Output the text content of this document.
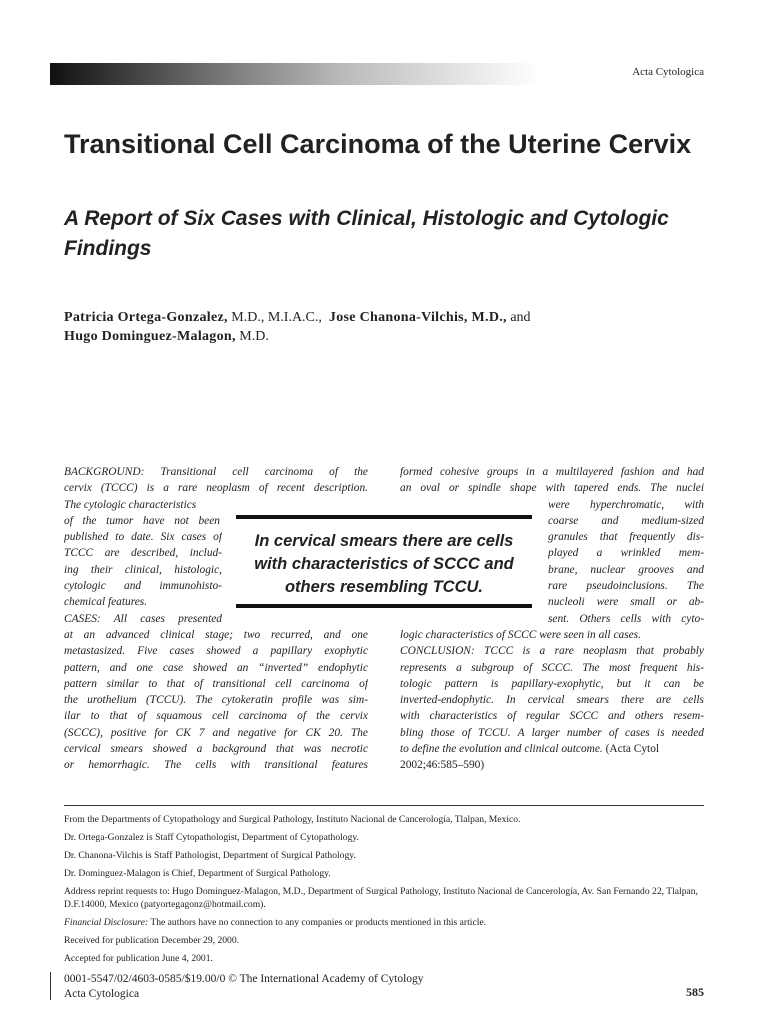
Acta Cytologica
Transitional Cell Carcinoma of the Uterine Cervix
A Report of Six Cases with Clinical, Histologic and Cytologic Findings
Patricia Ortega-Gonzalez, M.D., M.I.A.C., Jose Chanona-Vilchis, M.D., and
Hugo Dominguez-Malagon, M.D.
BACKGROUND: Transitional cell carcinoma of the
cervix (TCCC) is a rare neoplasm of recent description.
The cytologic characteristics
of the tumor have not been
published to date. Six cases of
TCCC are described, includ-
ing their clinical, histologic,
cytologic and immunohisto-
chemical features.
CASES: All cases presented
at an advanced clinical stage; two recurred, and one
metastasized. Five cases showed a papillary exophytic
pattern, and one case showed an “inverted” endophytic
pattern similar to that of transitional cell carcinoma of
the urothelium (TCCU). The cytokeratin profile was sim-
ilar to that of squamous cell carcinoma of the cervix
(SCCC), positive for CK 7 and negative for CK 20. The
cervical smears showed a background that was necrotic
or hemorrhagic. The cells with transitional features
formed cohesive groups in a multilayered fashion and had
an oval or spindle shape with tapered ends. The nuclei
were hyperchromatic, with
coarse and medium-sized
granules that frequently dis-
played a wrinkled mem-
brane, nuclear grooves and
rare pseudoinclusions. The
nucleoli were small or ab-
sent. Others cells with cyto-
logic characteristics of SCCC were seen in all cases.
CONCLUSION: TCCC is a rare neoplasm that probably
represents a subgroup of SCCC. The most frequent his-
tologic pattern is papillary-exophytic, but it can be
inverted-endophytic. In cervical smears there are cells
with characteristics of regular SCCC and others resem-
bling those of TCCU. A larger number of cases is needed
to define the evolution and clinical outcome. (Acta Cytol
2002;46:585–590)

In cervical smears there are cells with characteristics of SCCC and others resembling TCCU.

From the Departments of Cytopathology and Surgical Pathology, Instituto Nacional de Cancerología, Tlalpan, Mexico.

Dr. Ortega-Gonzalez is Staff Cytopathologist, Department of Cytopathology.

Dr. Chanona-Vilchis is Staff Pathologist, Department of Surgical Pathology.

Dr. Dominguez-Malagon is Chief, Department of Surgical Pathology.

Address reprint requests to: Hugo Dominguez-Malagon, M.D., Department of Surgical Pathology, Instituto Nacional de Cancerología, Av. San Fernando 22, Tlalpan, D.F.14000, Mexico (patyortegagonz@hotmail.com).

Financial Disclosure: The authors have no connection to any companies or products mentioned in this article.

Received for publication December 29, 2000.

Accepted for publication June 4, 2001.

0001-5547/02/4603-0585/$19.00/0 © The International Academy of Cytology
Acta Cytologica	585
